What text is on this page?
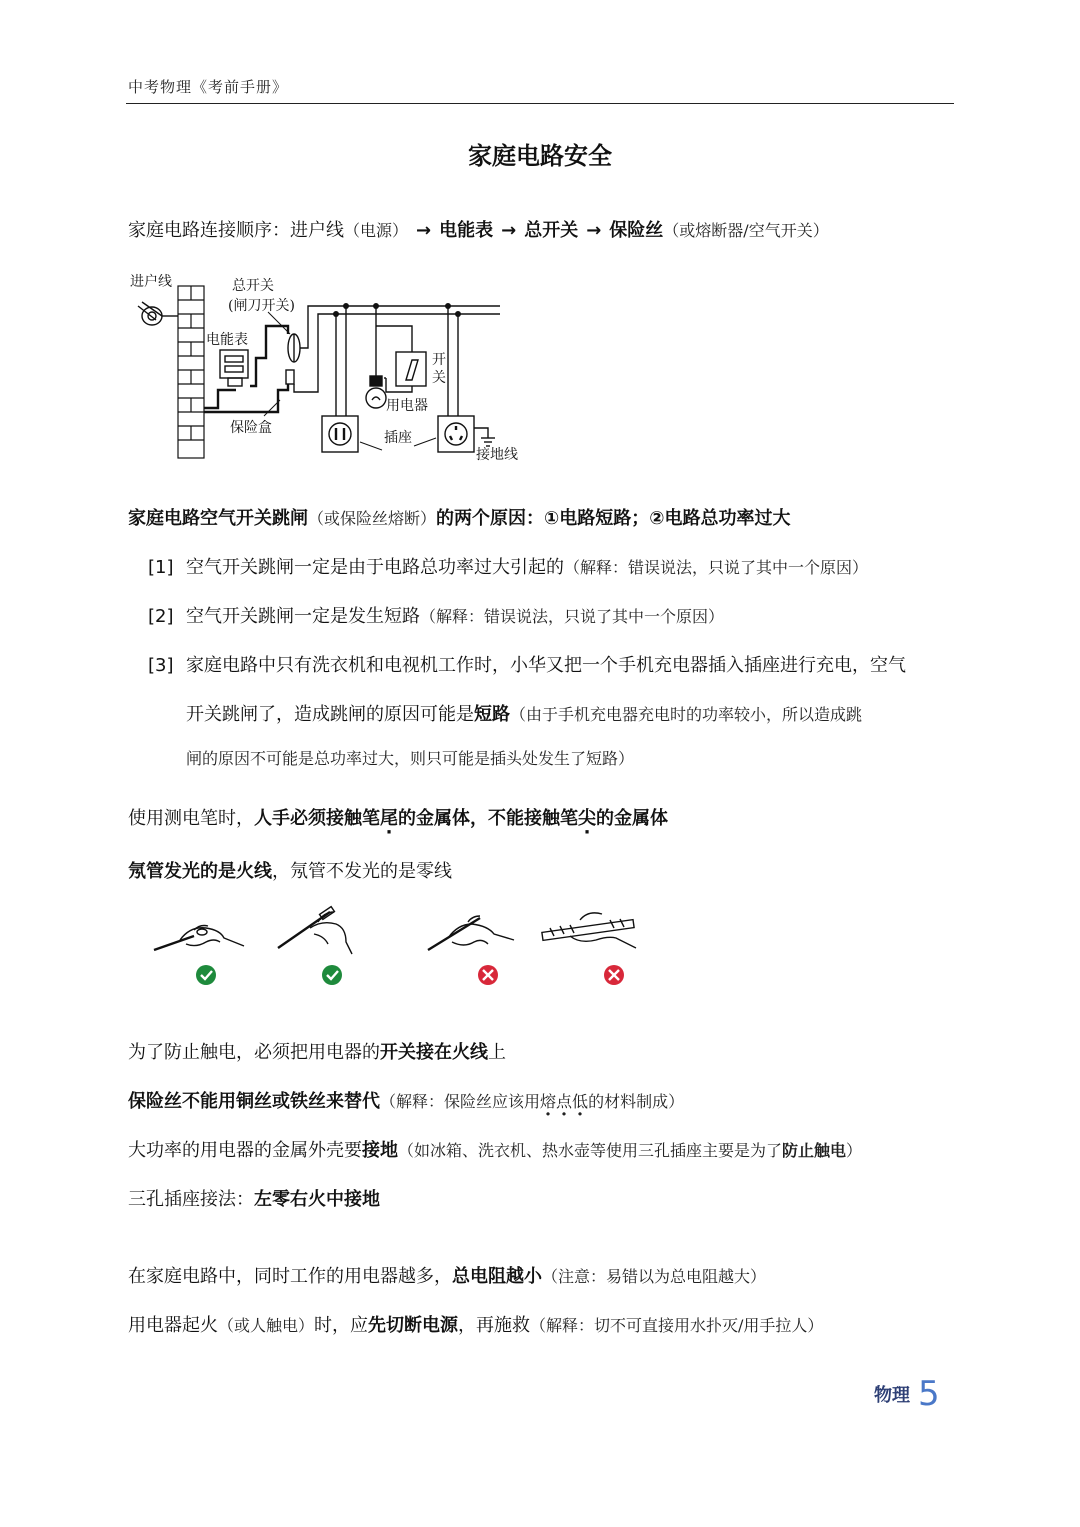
中考物理《考前手册》
家庭电路安全
家庭电路连接顺序：进户线（电源） → 电能表 → 总开关 → 保险丝（或熔断器/空气开关）
进户线
电能表
总开关
(闸刀开关)
开
关
用电器
保险盒
插座
接地线
家庭电路空气开关跳闸（或保险丝熔断）的两个原因：①电路短路；②电路总功率过大
[1] 空气开关跳闸一定是由于电路总功率过大引起的（解释：错误说法，只说了其中一个原因）
[2] 空气开关跳闸一定是发生短路（解释：错误说法，只说了其中一个原因）
[3] 家庭电路中只有洗衣机和电视机工作时，小华又把一个手机充电器插入插座进行充电，空气
开关跳闸了，造成跳闸的原因可能是短路（由于手机充电器充电时的功率较小，所以造成跳
闸的原因不可能是总功率过大，则只可能是插头处发生了短路）
使用测电笔时，人手必须接触笔尾的金属体，不能接触笔尖的金属体
氖管发光的是火线，氖管不发光的是零线
为了防止触电，必须把用电器的开关接在火线上
保险丝不能用铜丝或铁丝来替代（解释：保险丝应该用熔点低的材料制成）
大功率的用电器的金属外壳要接地（如冰箱、洗衣机、热水壶等使用三孔插座主要是为了防止触电）
三孔插座接法：左零右火中接地
在家庭电路中，同时工作的用电器越多，总电阻越小（注意：易错以为总电阻越大）
用电器起火（或人触电）时，应先切断电源，再施救（解释：切不可直接用水扑灭/用手拉人）
物理 5
